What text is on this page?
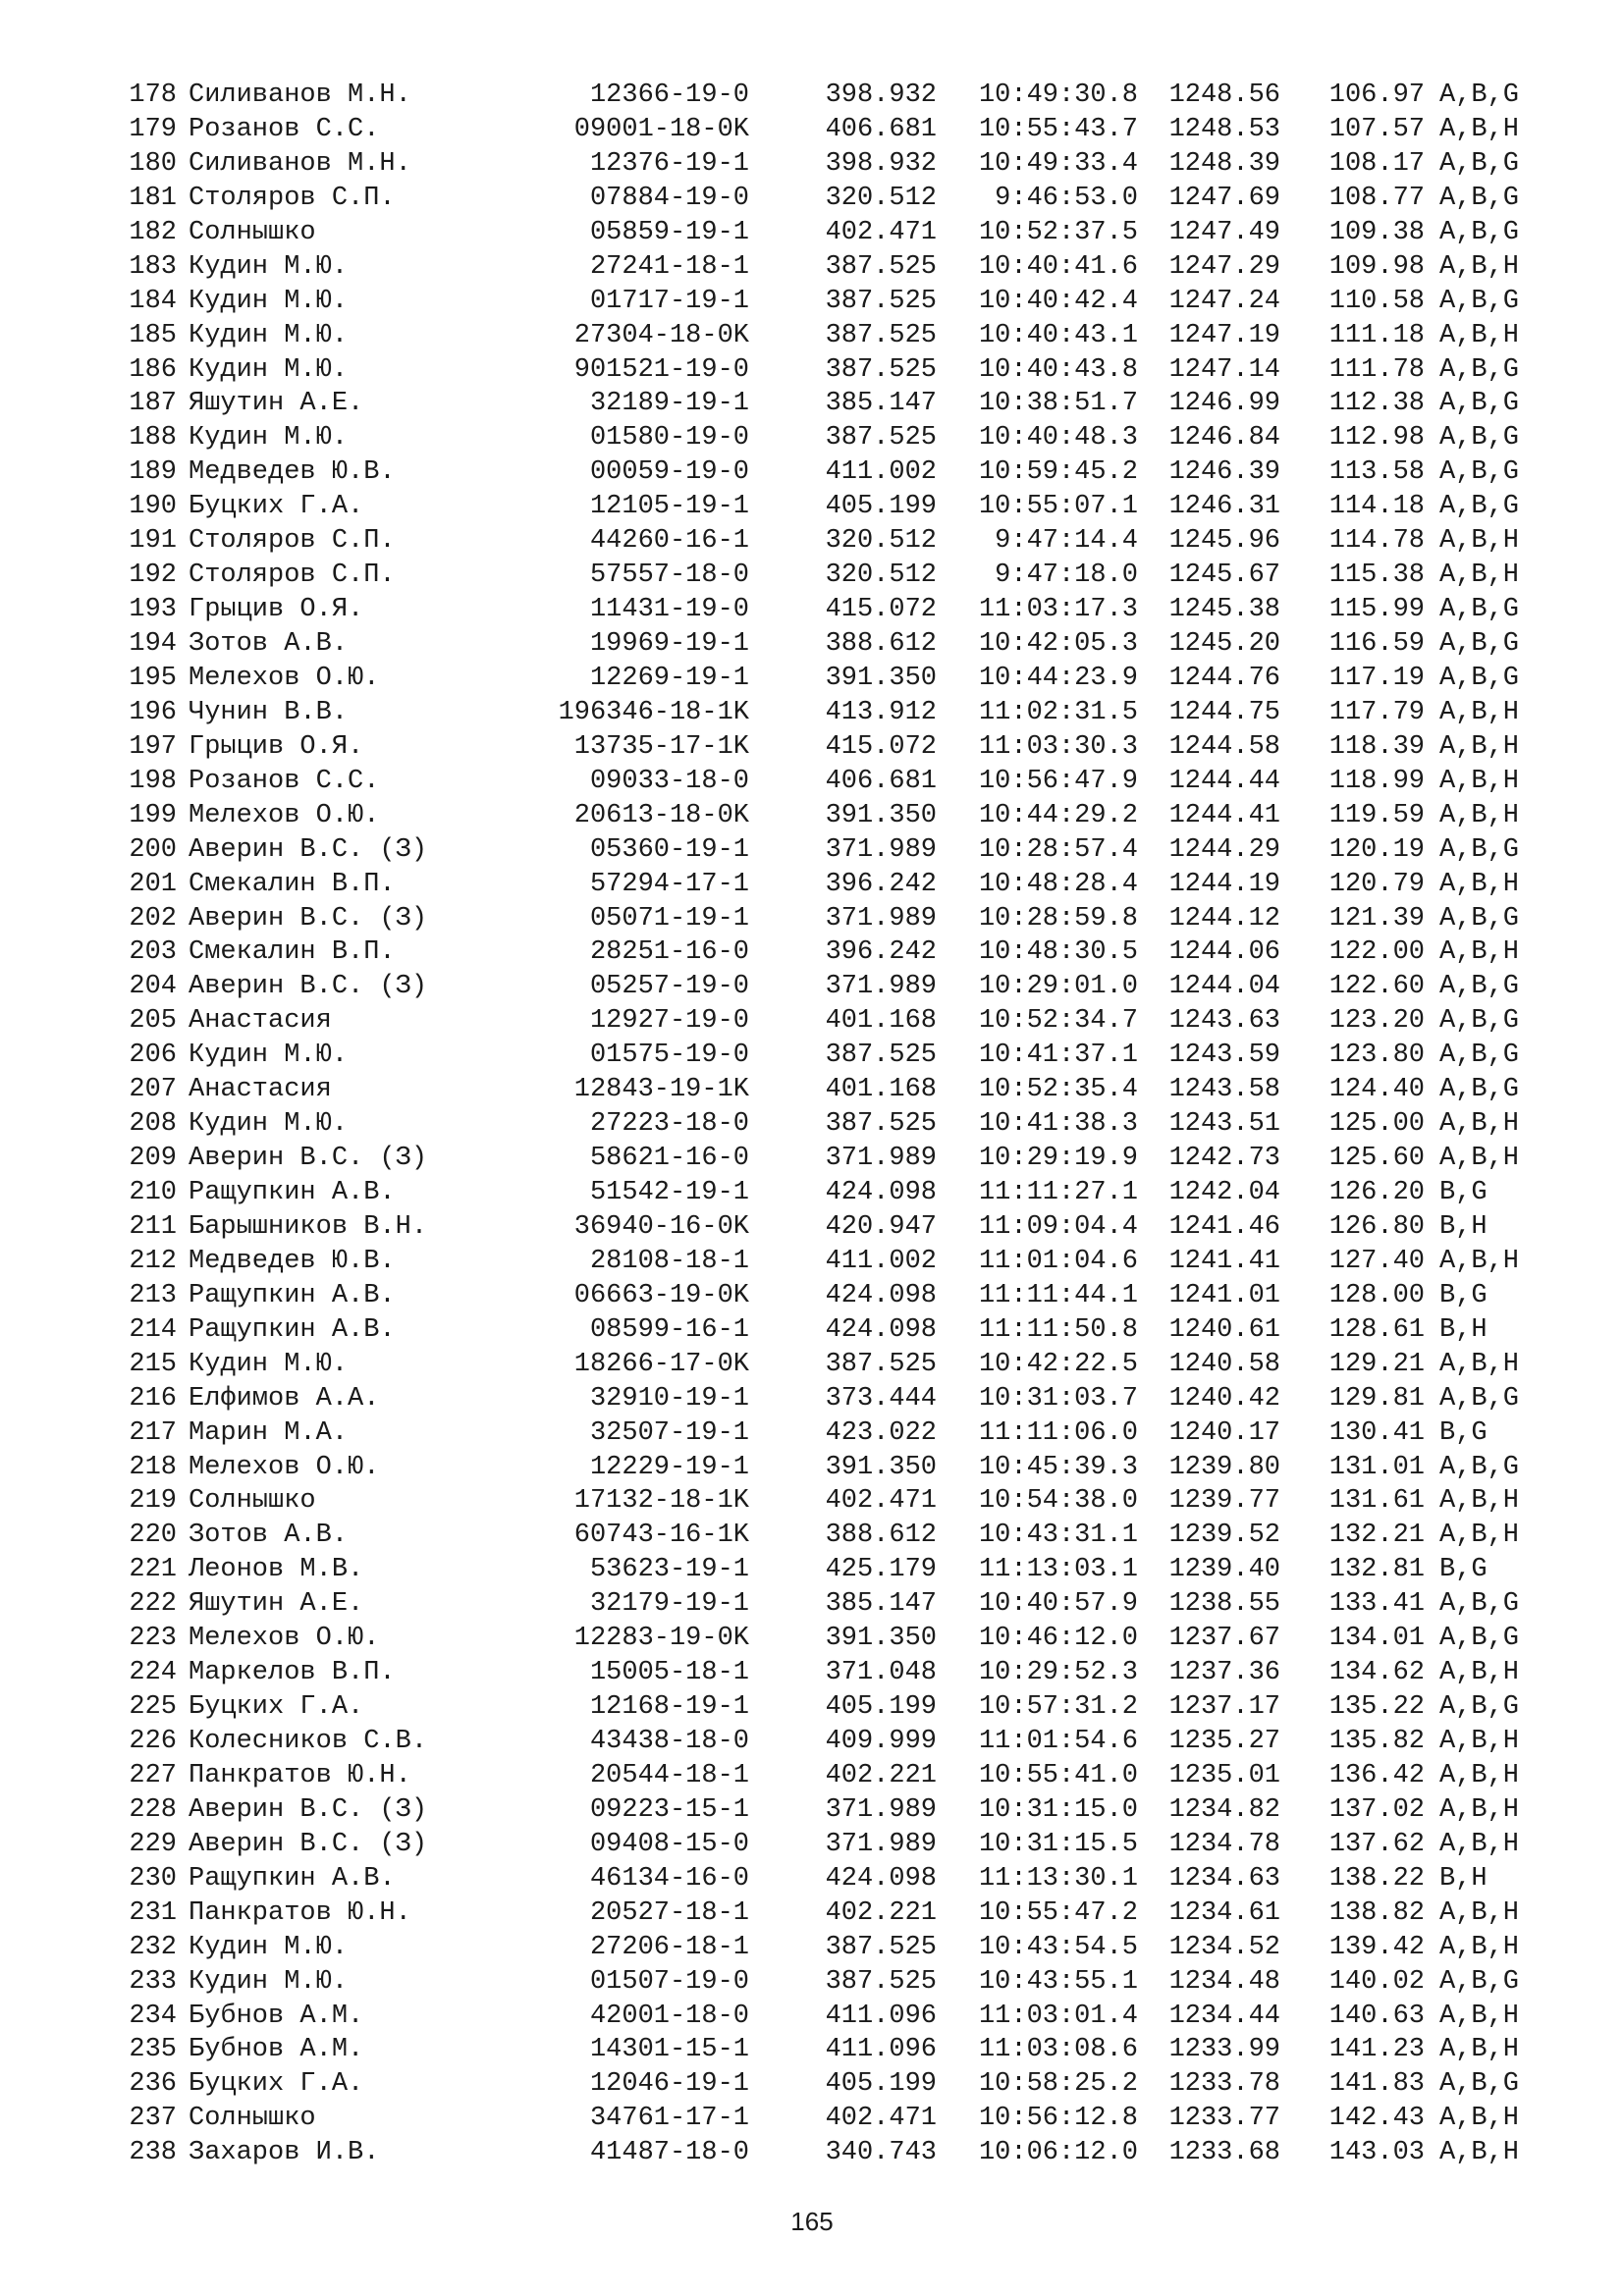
178 Силиванов М.Н.	12366-19-0	398.932	10:49:30.8	1248.56	106.97 A,B,G
179 Розанов С.С.	09001-18-0K	406.681	10:55:43.7	1248.53	107.57 A,B,H
180 Силиванов М.Н.	12376-19-1	398.932	10:49:33.4	1248.39	108.17 A,B,G
181 Столяров С.П.	07884-19-0	320.512	9:46:53.0	1247.69	108.77 A,B,G
182 Солнышко	05859-19-1	402.471	10:52:37.5	1247.49	109.38 A,B,G
183 Кудин М.Ю.	27241-18-1	387.525	10:40:41.6	1247.29	109.98 A,B,H
184 Кудин М.Ю.	01717-19-1	387.525	10:40:42.4	1247.24	110.58 A,B,G
185 Кудин М.Ю.	27304-18-0K	387.525	10:40:43.1	1247.19	111.18 A,B,H
186 Кудин М.Ю.	901521-19-0	387.525	10:40:43.8	1247.14	111.78 A,B,G
187 Яшутин А.Е.	32189-19-1	385.147	10:38:51.7	1246.99	112.38 A,B,G
188 Кудин М.Ю.	01580-19-0	387.525	10:40:48.3	1246.84	112.98 A,B,G
189 Медведев Ю.В.	00059-19-0	411.002	10:59:45.2	1246.39	113.58 A,B,G
190 Буцких Г.А.	12105-19-1	405.199	10:55:07.1	1246.31	114.18 A,B,G
191 Столяров С.П.	44260-16-1	320.512	9:47:14.4	1245.96	114.78 A,B,H
192 Столяров С.П.	57557-18-0	320.512	9:47:18.0	1245.67	115.38 A,B,H
193 Грыцив О.Я.	11431-19-0	415.072	11:03:17.3	1245.38	115.99 A,B,G
194 Зотов А.В.	19969-19-1	388.612	10:42:05.3	1245.20	116.59 A,B,G
195 Мелехов О.Ю.	12269-19-1	391.350	10:44:23.9	1244.76	117.19 A,B,G
196 Чунин В.В.	196346-18-1K	413.912	11:02:31.5	1244.75	117.79 A,B,H
197 Грыцив О.Я.	13735-17-1K	415.072	11:03:30.3	1244.58	118.39 A,B,H
198 Розанов С.С.	09033-18-0	406.681	10:56:47.9	1244.44	118.99 A,B,H
199 Мелехов О.Ю.	20613-18-0K	391.350	10:44:29.2	1244.41	119.59 A,B,H
200 Аверин В.С. (З)	05360-19-1	371.989	10:28:57.4	1244.29	120.19 A,B,G
201 Смекалин В.П.	57294-17-1	396.242	10:48:28.4	1244.19	120.79 A,B,H
202 Аверин В.С. (З)	05071-19-1	371.989	10:28:59.8	1244.12	121.39 A,B,G
203 Смекалин В.П.	28251-16-0	396.242	10:48:30.5	1244.06	122.00 A,B,H
204 Аверин В.С. (З)	05257-19-0	371.989	10:29:01.0	1244.04	122.60 A,B,G
205 Анастасия	12927-19-0	401.168	10:52:34.7	1243.63	123.20 A,B,G
206 Кудин М.Ю.	01575-19-0	387.525	10:41:37.1	1243.59	123.80 A,B,G
207 Анастасия	12843-19-1K	401.168	10:52:35.4	1243.58	124.40 A,B,G
208 Кудин М.Ю.	27223-18-0	387.525	10:41:38.3	1243.51	125.00 A,B,H
209 Аверин В.С. (З)	58621-16-0	371.989	10:29:19.9	1242.73	125.60 A,B,H
210 Ращупкин А.В.	51542-19-1	424.098	11:11:27.1	1242.04	126.20 B,G
211 Барышников В.Н.	36940-16-0K	420.947	11:09:04.4	1241.46	126.80 B,H
212 Медведев Ю.В.	28108-18-1	411.002	11:01:04.6	1241.41	127.40 A,B,H
213 Ращупкин А.В.	06663-19-0K	424.098	11:11:44.1	1241.01	128.00 B,G
214 Ращупкин А.В.	08599-16-1	424.098	11:11:50.8	1240.61	128.61 B,H
215 Кудин М.Ю.	18266-17-0K	387.525	10:42:22.5	1240.58	129.21 A,B,H
216 Елфимов А.А.	32910-19-1	373.444	10:31:03.7	1240.42	129.81 A,B,G
217 Марин М.А.	32507-19-1	423.022	11:11:06.0	1240.17	130.41 B,G
218 Мелехов О.Ю.	12229-19-1	391.350	10:45:39.3	1239.80	131.01 A,B,G
219 Солнышко	17132-18-1K	402.471	10:54:38.0	1239.77	131.61 A,B,H
220 Зотов А.В.	60743-16-1K	388.612	10:43:31.1	1239.52	132.21 A,B,H
221 Леонов М.В.	53623-19-1	425.179	11:13:03.1	1239.40	132.81 B,G
222 Яшутин А.Е.	32179-19-1	385.147	10:40:57.9	1238.55	133.41 A,B,G
223 Мелехов О.Ю.	12283-19-0K	391.350	10:46:12.0	1237.67	134.01 A,B,G
224 Маркелов В.П.	15005-18-1	371.048	10:29:52.3	1237.36	134.62 A,B,H
225 Буцких Г.А.	12168-19-1	405.199	10:57:31.2	1237.17	135.22 A,B,G
226 Колесников С.В.	43438-18-0	409.999	11:01:54.6	1235.27	135.82 A,B,H
227 Панкратов Ю.Н.	20544-18-1	402.221	10:55:41.0	1235.01	136.42 A,B,H
228 Аверин В.С. (З)	09223-15-1	371.989	10:31:15.0	1234.82	137.02 A,B,H
229 Аверин В.С. (З)	09408-15-0	371.989	10:31:15.5	1234.78	137.62 A,B,H
230 Ращупкин А.В.	46134-16-0	424.098	11:13:30.1	1234.63	138.22 B,H
231 Панкратов Ю.Н.	20527-18-1	402.221	10:55:47.2	1234.61	138.82 A,B,H
232 Кудин М.Ю.	27206-18-1	387.525	10:43:54.5	1234.52	139.42 A,B,H
233 Кудин М.Ю.	01507-19-0	387.525	10:43:55.1	1234.48	140.02 A,B,G
234 Бубнов А.М.	42001-18-0	411.096	11:03:01.4	1234.44	140.63 A,B,H
235 Бубнов А.М.	14301-15-1	411.096	11:03:08.6	1233.99	141.23 A,B,H
236 Буцких Г.А.	12046-19-1	405.199	10:58:25.2	1233.78	141.83 A,B,G
237 Солнышко	34761-17-1	402.471	10:56:12.8	1233.77	142.43 A,B,H
238 Захаров И.В.	41487-18-0	340.743	10:06:12.0	1233.68	143.03 A,B,H
165
